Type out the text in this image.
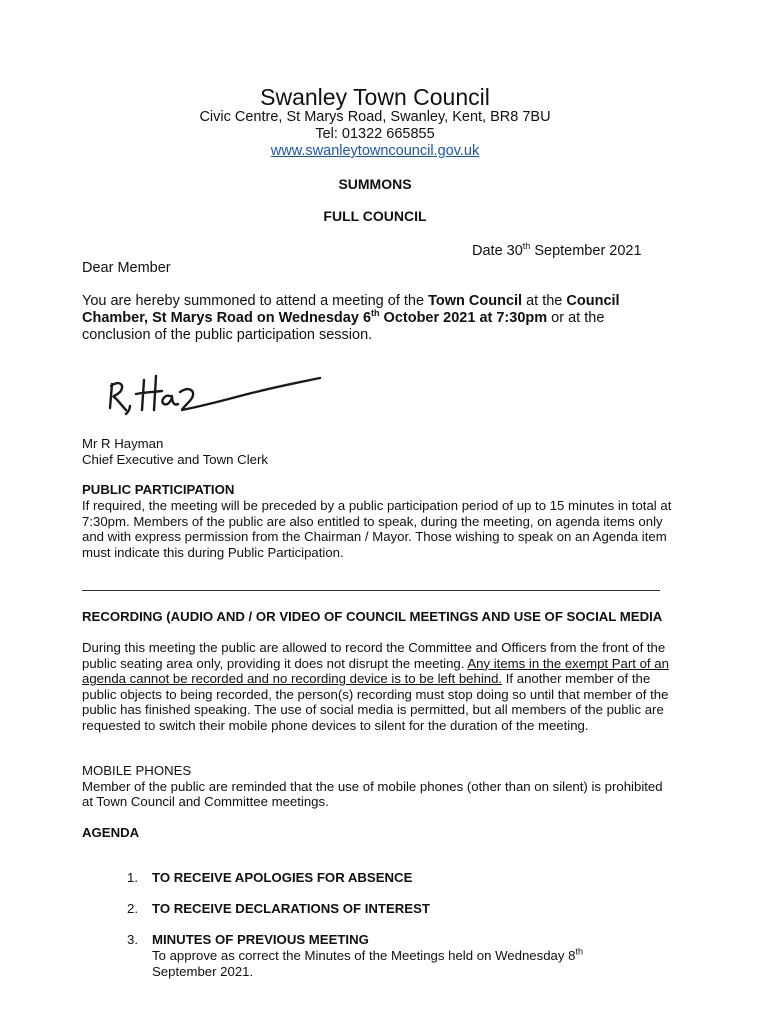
Swanley Town Council
Civic Centre, St Marys Road, Swanley, Kent, BR8 7BU
Tel: 01322 665855
www.swanleytowncouncil.gov.uk
SUMMONS
FULL COUNCIL
Date 30th September 2021
Dear Member
You are hereby summoned to attend a meeting of the Town Council at the Council Chamber, St Marys Road on Wednesday 6th October 2021 at 7:30pm or at the conclusion of the public participation session.
Mr R Hayman
Chief Executive and Town Clerk
PUBLIC PARTICIPATION
If required, the meeting will be preceded by a public participation period of up to 15 minutes in total at 7:30pm. Members of the public are also entitled to speak, during the meeting, on agenda items only and with express permission from the Chairman / Mayor. Those wishing to speak on an Agenda item must indicate this during Public Participation.
RECORDING (AUDIO AND / OR VIDEO OF COUNCIL MEETINGS AND USE OF SOCIAL MEDIA
During this meeting the public are allowed to record the Committee and Officers from the front of the public seating area only, providing it does not disrupt the meeting. Any items in the exempt Part of an agenda cannot be recorded and no recording device is to be left behind. If another member of the public objects to being recorded, the person(s) recording must stop doing so until that member of the public has finished speaking. The use of social media is permitted, but all members of the public are requested to switch their mobile phone devices to silent for the duration of the meeting.
MOBILE PHONES
Member of the public are reminded that the use of mobile phones (other than on silent) is prohibited at Town Council and Committee meetings.
AGENDA
1. TO RECEIVE APOLOGIES FOR ABSENCE
2. TO RECEIVE DECLARATIONS OF INTEREST
3. MINUTES OF PREVIOUS MEETING
To approve as correct the Minutes of the Meetings held on Wednesday 8th September 2021.
